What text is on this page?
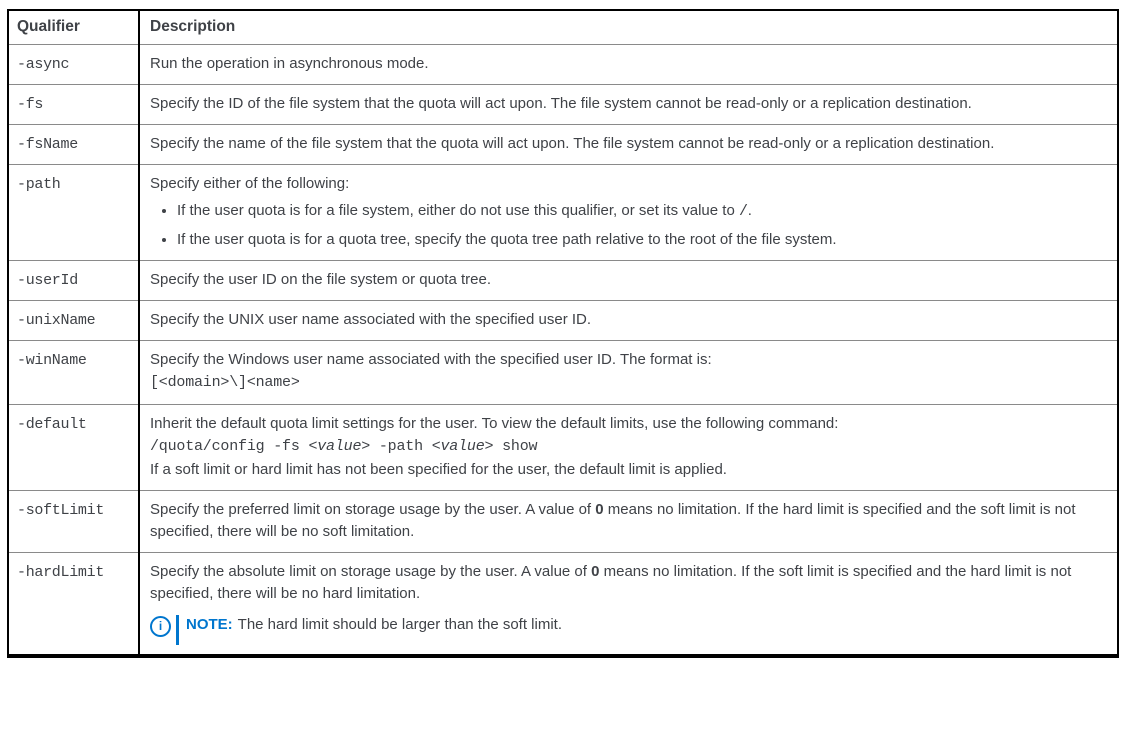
Qualifier	Description
-async	Run the operation in asynchronous mode.

-fs	Specify the ID of the file system that the quota will act upon. The file system cannot be read-only or a replication destination.

-fsName	Specify the name of the file system that the quota will act upon. The file system cannot be read-only or a replication destination.

-path	Specify either of the following:

• If the user quota is for a file system, either do not use this qualifier, or set its value to /.
• If the user quota is for a quota tree, specify the quota tree path relative to the root of the file system.

-userId	Specify the user ID on the file system or quota tree.

-unixName	Specify the UNIX user name associated with the specified user ID.

-winName	Specify the Windows user name associated with the specified user ID. The format is:

[<domain>\]<name>

-default	Inherit the default quota limit settings for the user. To view the default limits, use the following command:

/quota/config -fs <value> -path <value> show

If a soft limit or hard limit has not been specified for the user, the default limit is applied.

-softLimit	Specify the preferred limit on storage usage by the user. A value of 0 means no limitation. If the hard limit is specified and the soft limit is not specified, there will be no soft limitation.

-hardLimit	Specify the absolute limit on storage usage by the user. A value of 0 means no limitation. If the soft limit is specified and the hard limit is not specified, there will be no hard limitation.

i NOTE: The hard limit should be larger than the soft limit.
